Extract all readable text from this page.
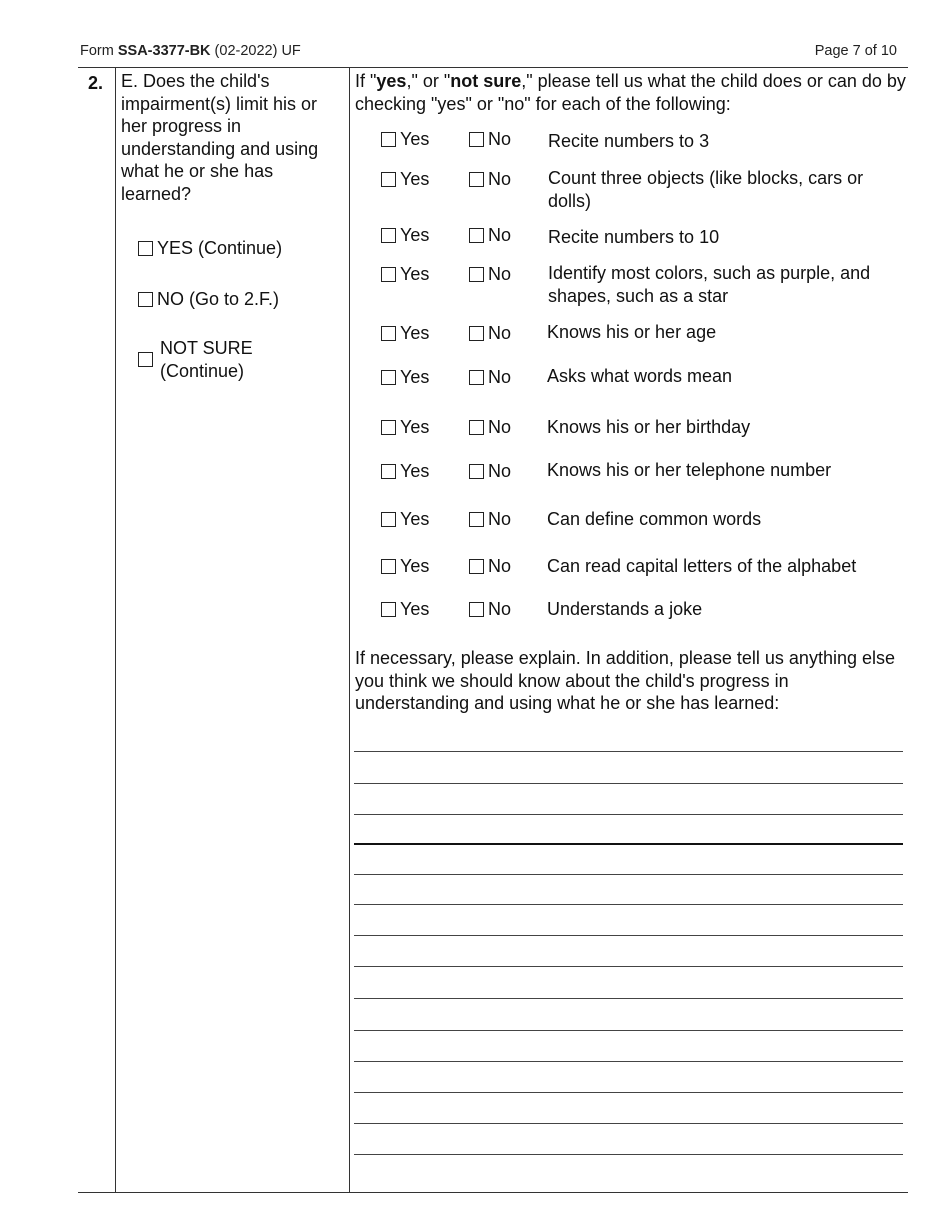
Form SSA-3377-BK (02-2022) UF	Page 7 of 10
2. E. Does the child's impairment(s) limit his or her progress in understanding and using what he or she has learned?
YES (Continue)
NO (Go to 2.F.)
NOT SURE
(Continue)
If "yes," or "not sure," please tell us what the child does or can do by checking "yes" or "no" for each of the following:
Yes	No Recite numbers to 3
Yes	No Count three objects (like blocks, cars or dolls)
Yes	No Recite numbers to 10
Yes	No Identify most colors, such as purple, and shapes, such as a star
Yes	No Knows his or her age
Yes	No Asks what words mean
Yes	No Knows his or her birthday
Yes	No Knows his or her telephone number
Yes	No Can define common words
Yes	No Can read capital letters of the alphabet
Yes	No Understands a joke
If necessary, please explain. In addition, please tell us anything else you think we should know about the child's progress in understanding and using what he or she has learned:
